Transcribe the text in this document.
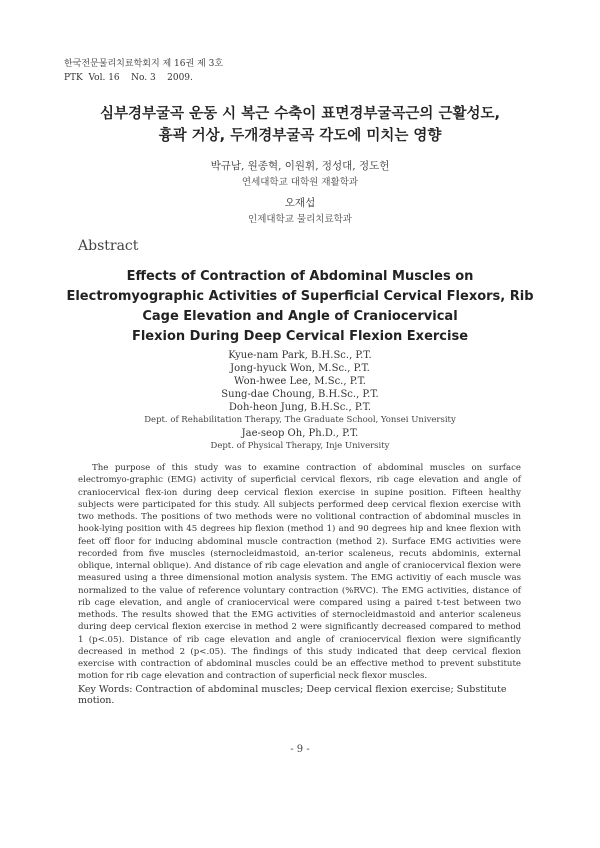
한국전문물리치료학회지 제 16권 제 3호
PTK  Vol. 16    No. 3    2009.
심부경부굴곡 운동 시 복근 수축이 표면경부굴곡근의 근활성도,
흉곽 거상, 두개경부굴곡 각도에 미치는 영향
박규남, 원종혁, 이원휘, 정성대, 정도헌
연세대학교 대학원 재활학과
오재섭
인제대학교 물리치료학과
Abstract
Effects of Contraction of Abdominal Muscles on
Electromyographic Activities of Superficial Cervical Flexors, Rib
Cage Elevation and Angle of Craniocervical
Flexion During Deep Cervical Flexion Exercise
Kyue-nam Park, B.H.Sc., P.T.
Jong-hyuck Won, M.Sc., P.T.
Won-hwee Lee, M.Sc., P.T.
Sung-dae Choung, B.H.Sc., P.T.
Doh-heon Jung, B.H.Sc., P.T.
Dept. of Rehabilitation Therapy, The Graduate School, Yonsei University
Jae-seop Oh, Ph.D., P.T.
Dept. of Physical Therapy, Inje University
The purpose of this study was to examine contraction of abdominal muscles on surface electromyo-graphic (EMG) activity of superficial cervical flexors, rib cage elevation and angle of craniocervical flex-ion during deep cervical flexion exercise in supine position. Fifteen healthy subjects were participated for this study. All subjects performed deep cervical flexion exercise with two methods. The positions of two methods were no volitional contraction of abdominal muscles in hook-lying position with 45 degrees hip flexion (method 1) and 90 degrees hip and knee flexion with feet off floor for inducing abdominal muscle contraction (method 2). Surface EMG activities were recorded from five muscles (sternocleidmastoid, an-terior scaleneus, recuts abdominis, external oblique, internal oblique). And distance of rib cage elevation and angle of craniocervical flexion were measured using a three dimensional motion analysis system. The EMG activitiy of each muscle was normalized to the value of reference voluntary contraction (%RVC). The EMG activities, distance of rib cage elevation, and angle of craniocervical were compared using a paired t-test between two methods. The results showed that the EMG activities of sternocleidmastoid and anterior scaleneus during deep cervical flexion exercise in method 2 were significantly decreased compared to method 1 (p<.05). Distance of rib cage elevation and angle of craniocervical flexion were significantly decreased in method 2 (p<.05). The findings of this study indicated that deep cervical flexion exercise with contraction of abdominal muscles could be an effective method to prevent substitute motion for rib cage elevation and contraction of superficial neck flexor muscles.
Key Words: Contraction of abdominal muscles; Deep cervical flexion exercise; Substitute motion.
- 9 -
